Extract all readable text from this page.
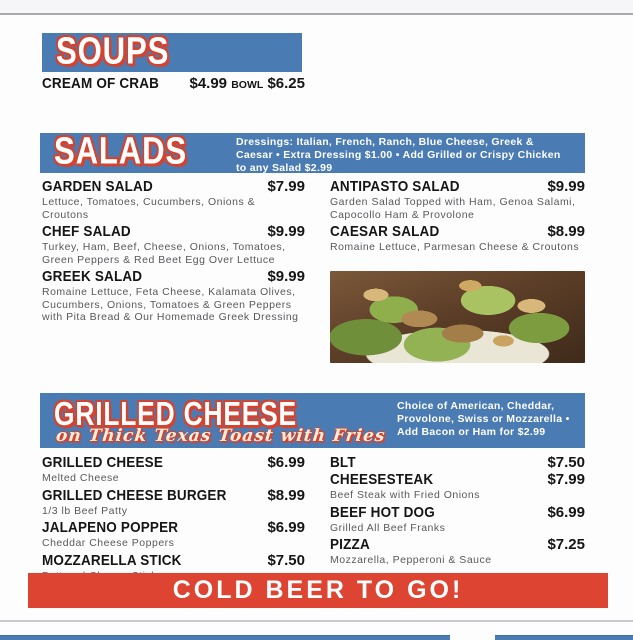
SOUPS
CREAM OF CRAB $4.99 BOWL $6.25
SALADS	Dressings: Italian, French, Ranch, Blue Cheese, Greek & Caesar • Extra Dressing $1.00 • Add Grilled or Crispy Chicken to any Salad $2.99
GARDEN SALAD	$7.99
Lettuce, Tomatoes, Cucumbers, Onions & Croutons
CHEF SALAD	$9.99
Turkey, Ham, Beef, Cheese, Onions, Tomatoes, Green Peppers & Red Beet Egg Over Lettuce
GREEK SALAD	$9.99
Romaine Lettuce, Feta Cheese, Kalamata Olives, Cucumbers, Onions, Tomatoes & Green Peppers with Pita Bread & Our Homemade Greek Dressing
ANTIPASTO SALAD	$9.99
Garden Salad Topped with Ham, Genoa Salami, Capocollo Ham & Provolone
CAESAR SALAD	$8.99
Romaine Lettuce, Parmesan Cheese & Croutons
GRILLED CHEESE

on Thick Texas Toast with Fries

Choice of American, Cheddar, Provolone, Swiss or Mozzarella • Add Bacon or Ham for $2.99
GRILLED CHEESE	$6.99
Melted Cheese
GRILLED CHEESE BURGER	$8.99
1/3 lb Beef Patty
JALAPENO POPPER	$6.99
Cheddar Cheese Poppers
MOZZARELLA STICK	$7.50
BLT	$7.50
CHEESESTEAK	$7.99
Beef Steak with Fried Onions
BEEF HOT DOG	$6.99
Grilled All Beef Franks
PIZZA	$7.25
Mozzarella, Pepperoni & Sauce

COLD BEER TO GO!
